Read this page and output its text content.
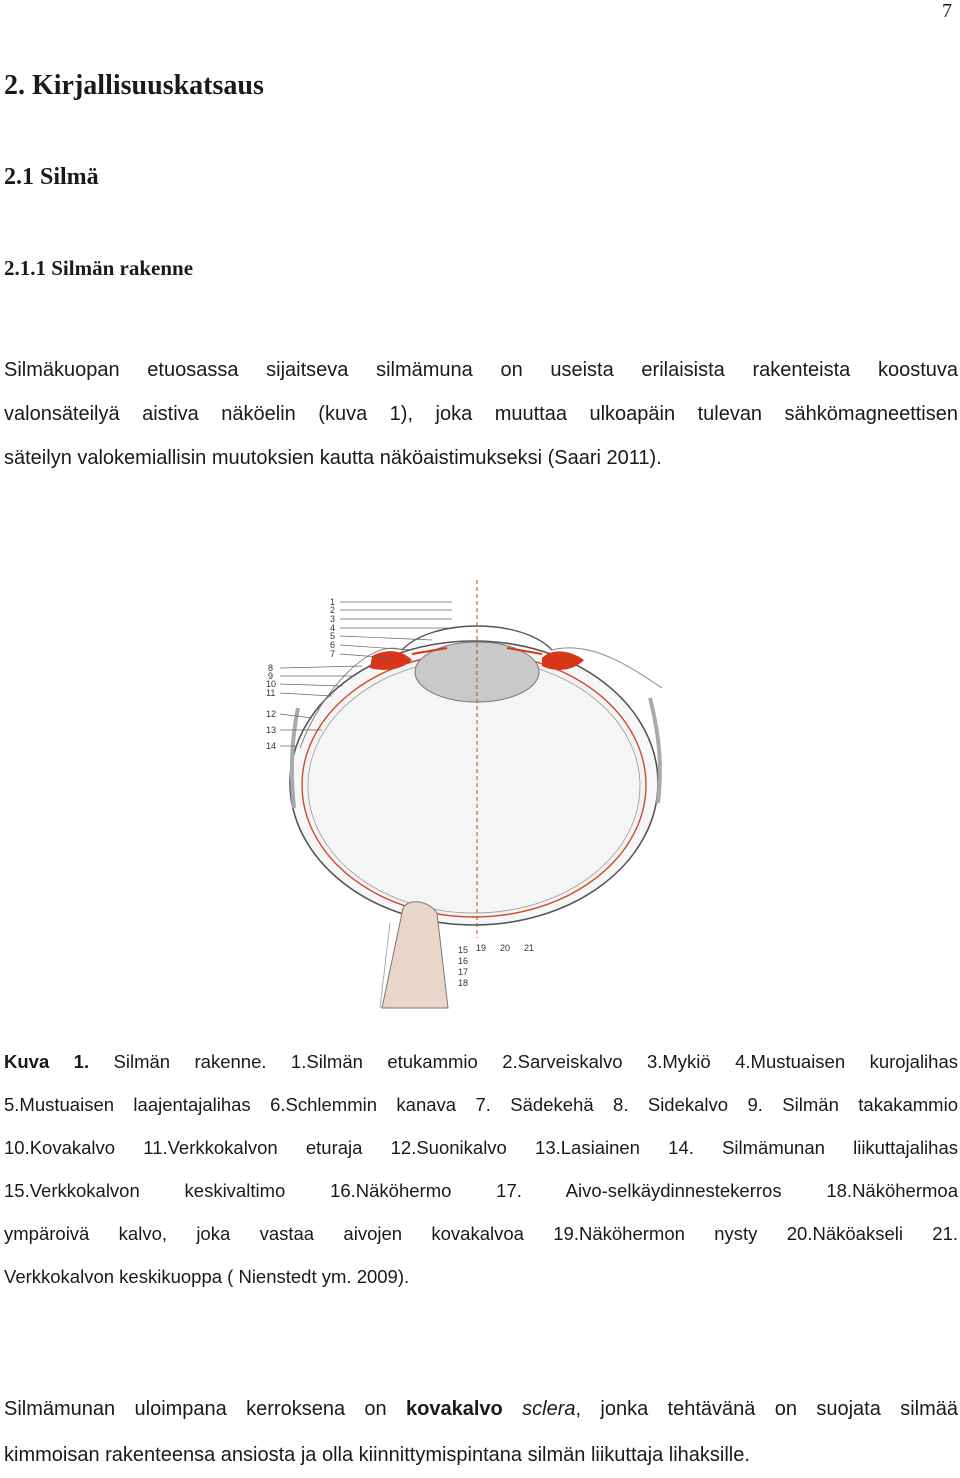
7
2. Kirjallisuuskatsaus
2.1 Silmä
2.1.1 Silmän rakenne

Silmäkuopan etuosassa sijaitseva silmämuna on useista erilaisista rakenteista koostuva
valonsäteilyä aistiva näköelin (kuva 1), joka muuttaa ulkoapäin tulevan sähkömagneettisen
säteilyn valokemiallisin muutoksien kautta näköaistimukseksi (Saari 2011).

1
2
3
4
5
6
7
8
9
10
11
12
13
14
15
16
17
18
19 20 21

Kuva 1. Silmän rakenne. 1.Silmän etukammio 2.Sarveiskalvo 3.Mykiö 4.Mustuaisen kurojalihas
5.Mustuaisen laajentajalihas 6.Schlemmin kanava 7. Sädekehä 8. Sidekalvo 9. Silmän takakammio
10.Kovakalvo 11.Verkkokalvon eturaja 12.Suonikalvo 13.Lasiainen 14. Silmämunan liikuttajalihas
15.Verkkokalvon keskivaltimo 16.Näköhermo 17. Aivo-selkäydinnestekerros 18.Näköhermoa
ympäroivä kalvo, joka vastaa aivojen kovakalvoa 19.Näköhermon nysty 20.Näköakseli 21.
Verkkokalvon keskikuoppa ( Nienstedt ym. 2009).

Silmämunan uloimpana kerroksena on kovakalvo sclera, jonka tehtävänä on suojata silmää
kimmoisan rakenteensa ansiosta ja olla kiinnittymispintana silmän liikuttaja lihaksille.
